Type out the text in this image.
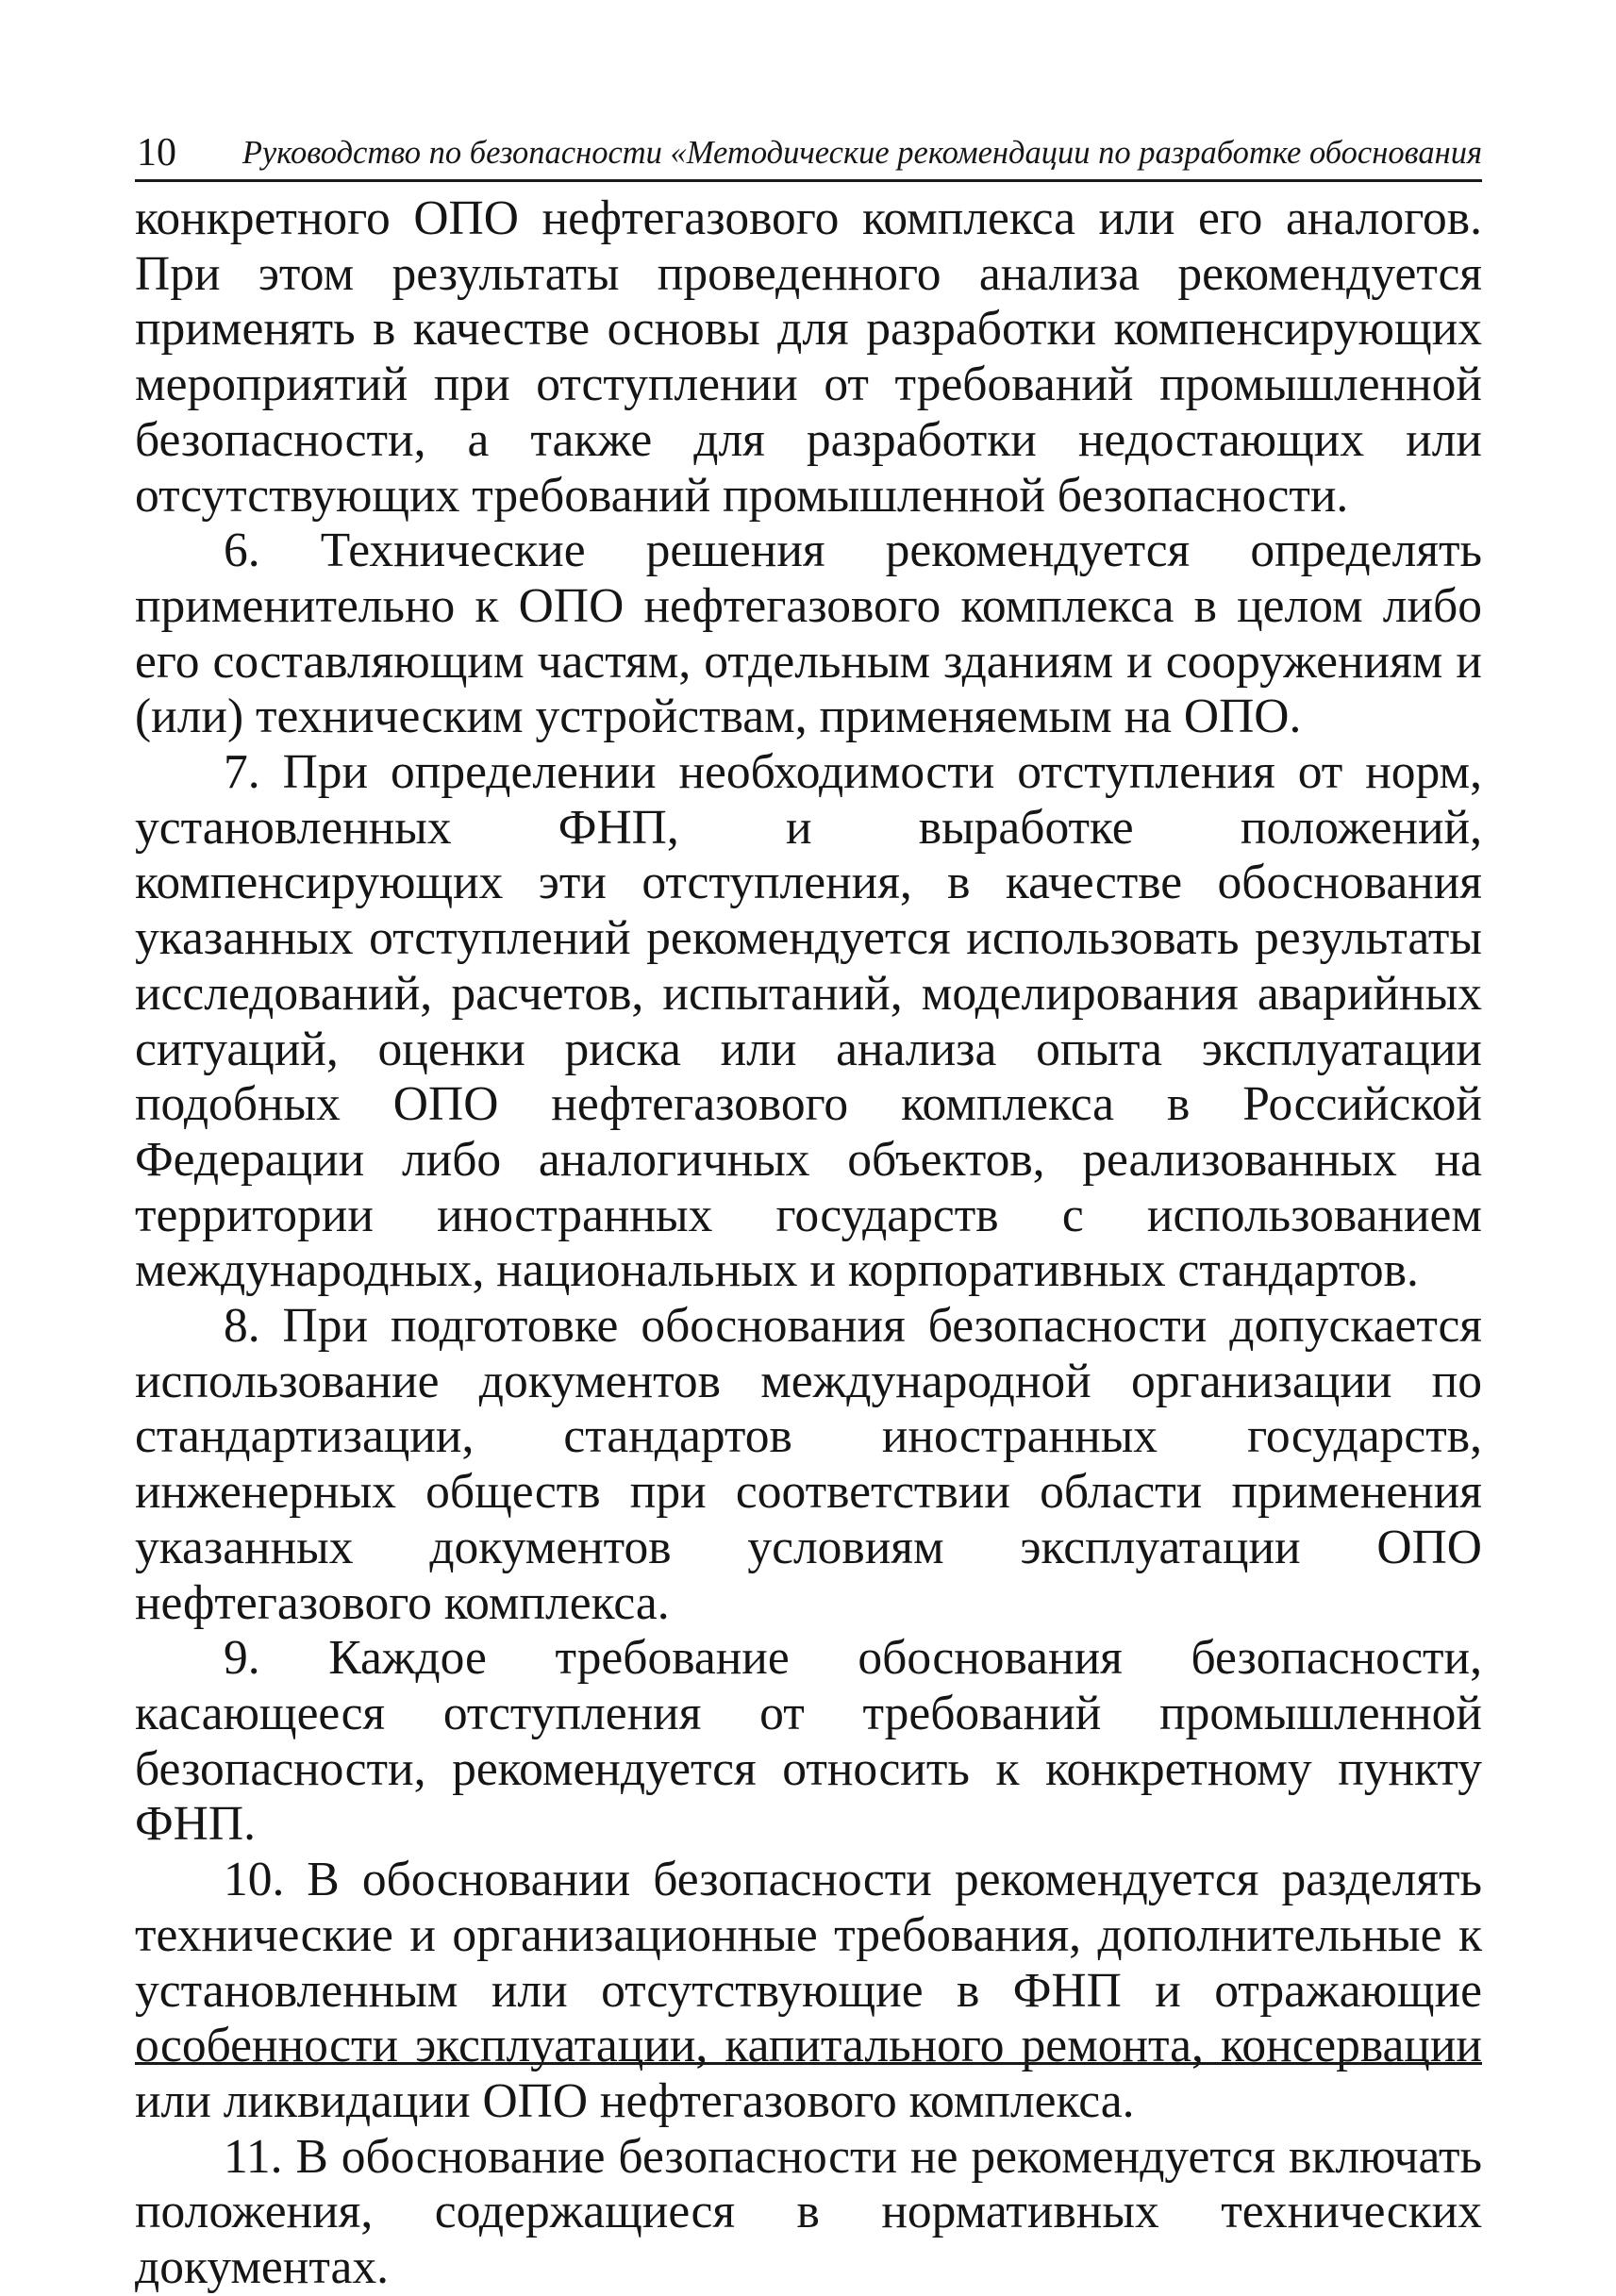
10 Руководство по безопасности «Методические рекомендации по разработке обоснования

конкретного ОПО нефтегазового комплекса или его аналогов. При этом результаты проведенного анализа рекомендуется применять в качестве основы для разработки компенсирующих мероприятий при отступлении от требований промышленной безопасности, а также для разработки недостающих или отсутствующих требований промышленной безопасности.

6. Технические решения рекомендуется определять применительно к ОПО нефтегазового комплекса в целом либо его составляющим частям, отдельным зданиям и сооружениям и (или) техническим устройствам, применяемым на ОПО.

7. При определении необходимости отступления от норм, установленных ФНП, и выработке положений, компенсирующих эти отступления, в качестве обоснования указанных отступлений рекомендуется использовать результаты исследований, расчетов, испытаний, моделирования аварийных ситуаций, оценки риска или анализа опыта эксплуатации подобных ОПО нефтегазового комплекса в Российской Федерации либо аналогичных объектов, реализованных на территории иностранных государств с использованием международных, национальных и корпоративных стандартов.

8. При подготовке обоснования безопасности допускается использование документов международной организации по стандартизации, стандартов иностранных государств, инженерных обществ при соответствии области применения указанных документов условиям эксплуатации ОПО нефтегазового комплекса.

9. Каждое требование обоснования безопасности, касающееся отступления от требований промышленной безопасности, рекомендуется относить к конкретному пункту ФНП.

10. В обосновании безопасности рекомендуется разделять технические и организационные требования, дополнительные к установленным или отсутствующие в ФНП и отражающие особенности эксплуатации, капитального ремонта, консервации или ликвидации ОПО нефтегазового комплекса.

11. В обоснование безопасности не рекомендуется включать положения, содержащиеся в нормативных технических документах.
